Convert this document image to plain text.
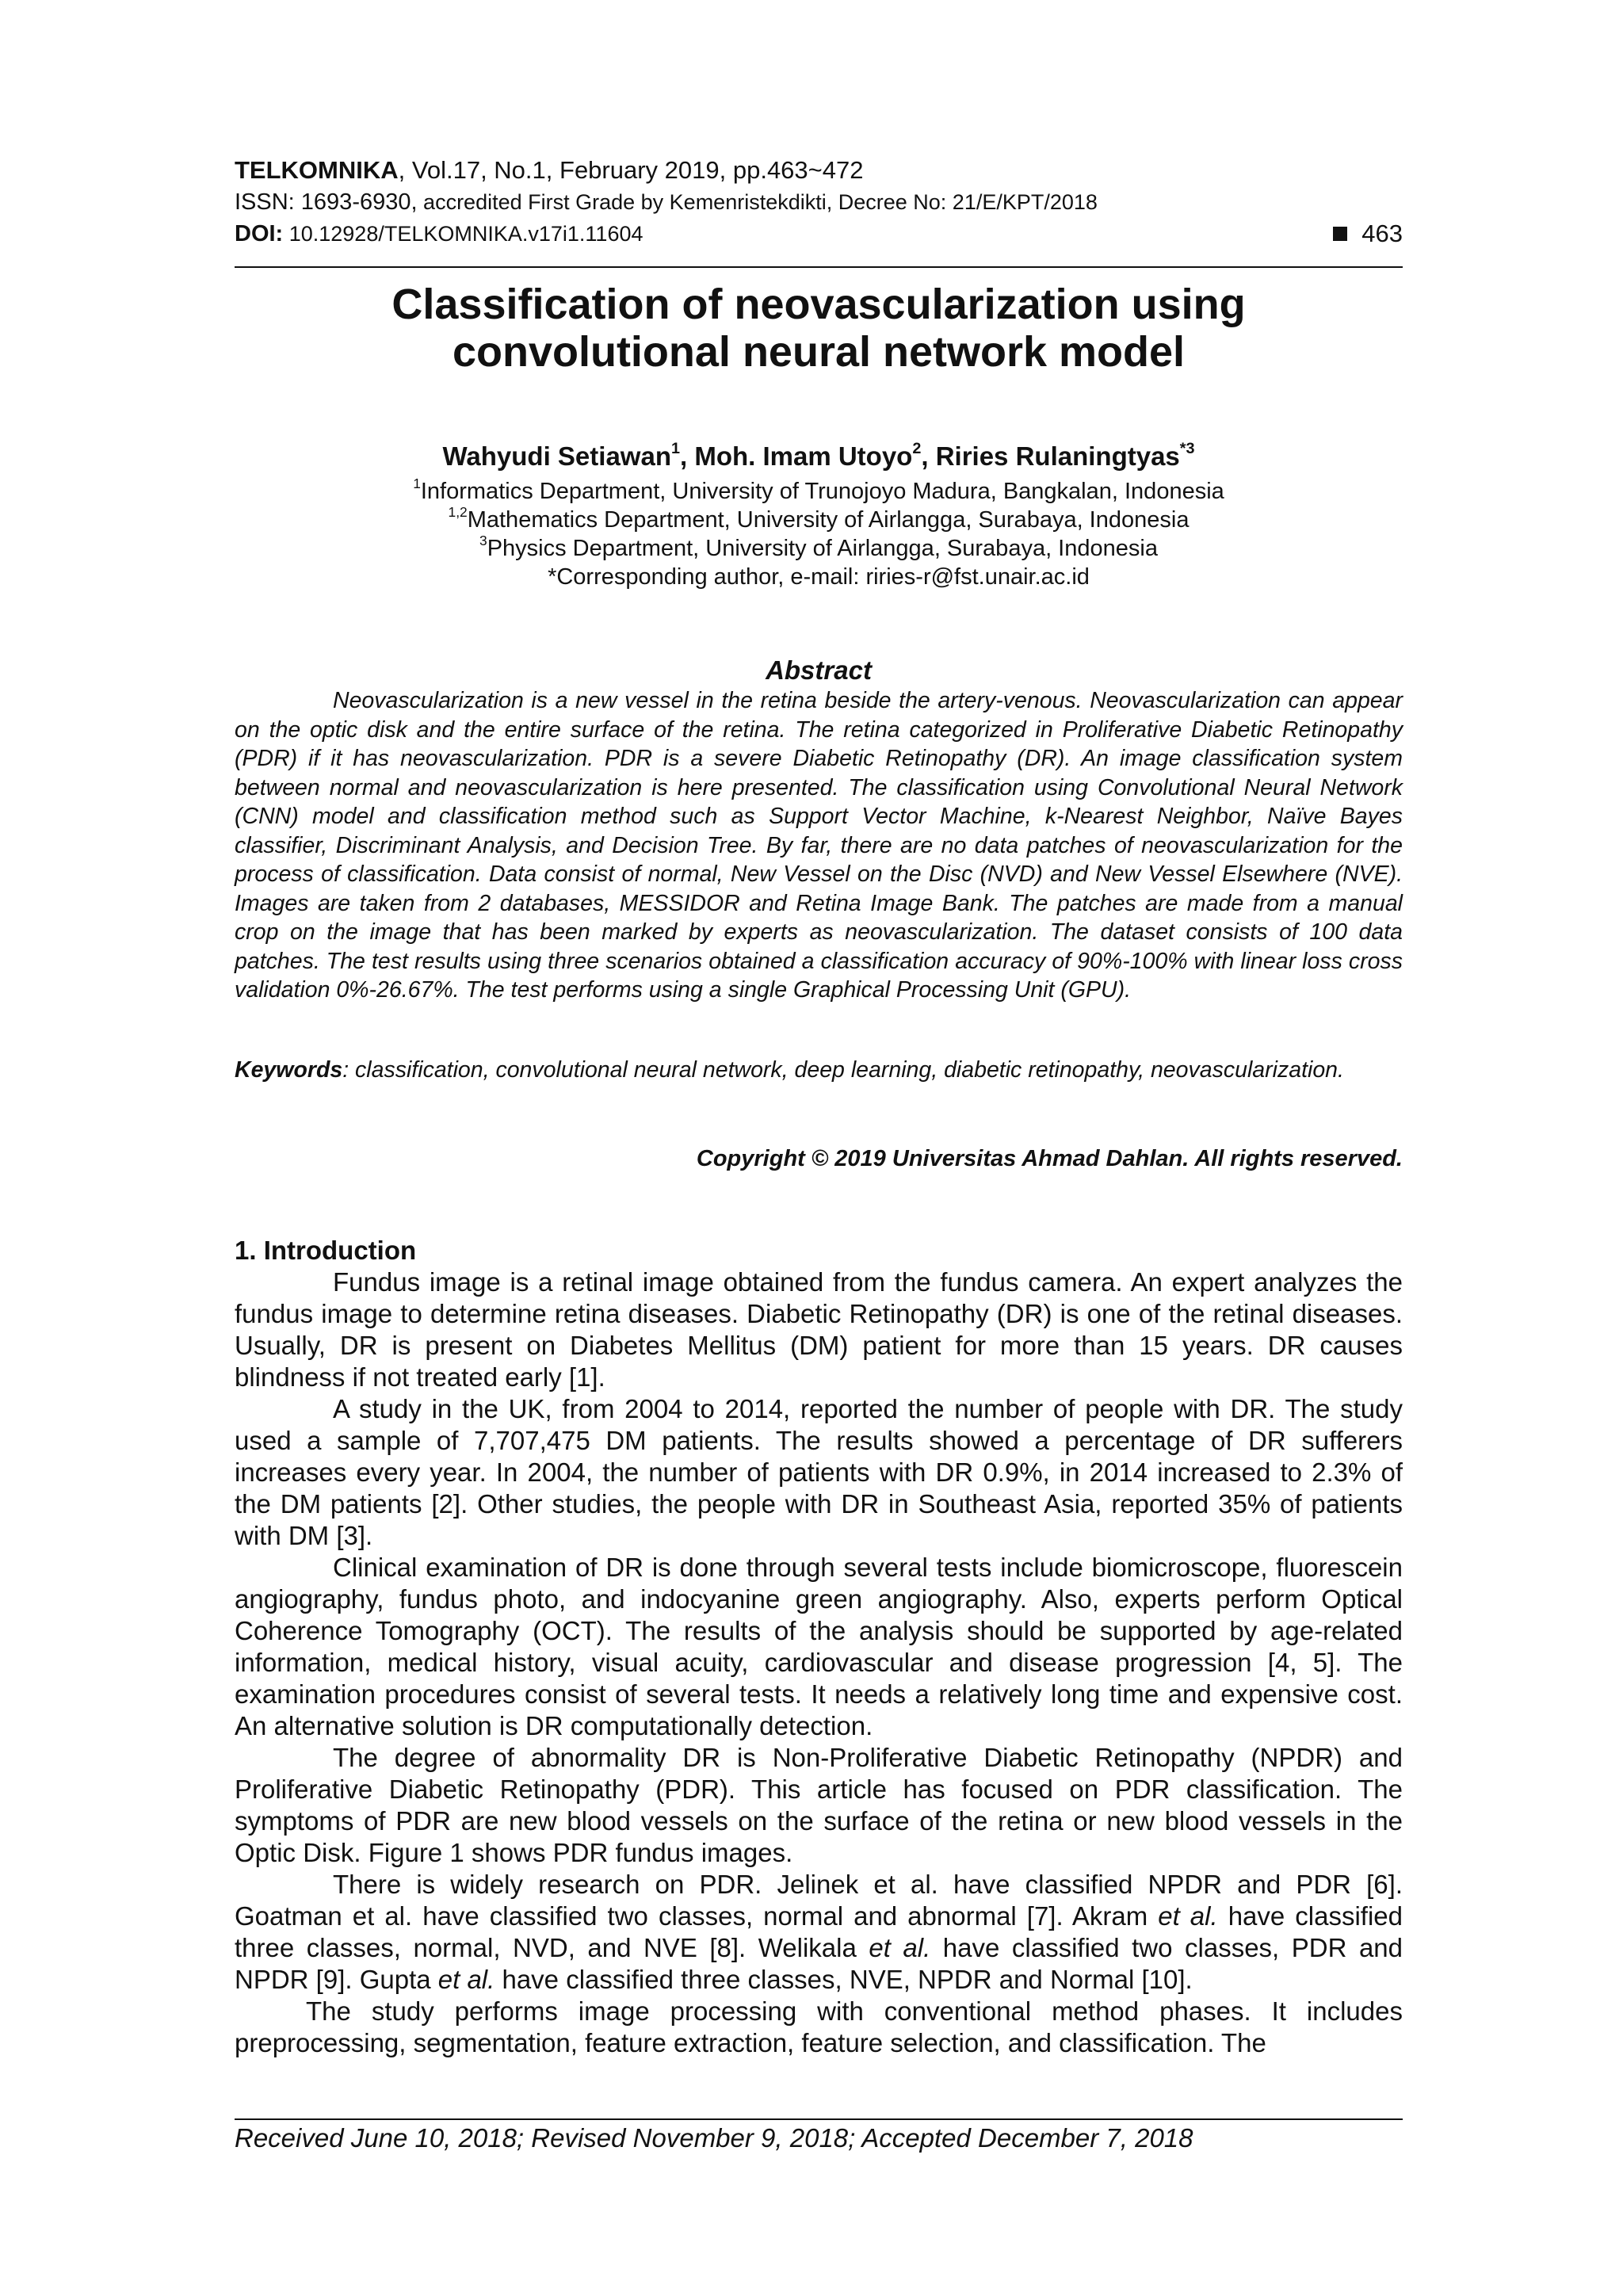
TELKOMNIKA, Vol.17, No.1, February 2019, pp.463~472
ISSN: 1693-6930, accredited First Grade by Kemenristekdikti, Decree No: 21/E/KPT/2018
DOI: 10.12928/TELKOMNIKA.v17i1.11604	463
Classification of neovascularization using
convolutional neural network model
Wahyudi Setiawan$^1$, Moh. Imam Utoyo$^2$, Riries Rulaningtyas$^{*3}$
$^1$Informatics Department, University of Trunojoyo Madura, Bangkalan, Indonesia
$^{1,2}$Mathematics Department, University of Airlangga, Surabaya, Indonesia
$^3$Physics Department, University of Airlangga, Surabaya, Indonesia
*Corresponding author, e-mail: riries-r@fst.unair.ac.id
Abstract
Neovascularization is a new vessel in the retina beside the artery-venous. Neovascularization can appear on the optic disk and the entire surface of the retina. The retina categorized in Proliferative Diabetic Retinopathy (PDR) if it has neovascularization. PDR is a severe Diabetic Retinopathy (DR). An image classification system between normal and neovascularization is here presented. The classification using Convolutional Neural Network (CNN) model and classification method such as Support Vector Machine, k-Nearest Neighbor, Naïve Bayes classifier, Discriminant Analysis, and Decision Tree. By far, there are no data patches of neovascularization for the process of classification. Data consist of normal, New Vessel on the Disc (NVD) and New Vessel Elsewhere (NVE). Images are taken from 2 databases, MESSIDOR and Retina Image Bank. The patches are made from a manual crop on the image that has been marked by experts as neovascularization. The dataset consists of 100 data patches. The test results using three scenarios obtained a classification accuracy of 90%-100% with linear loss cross validation 0%-26.67%. The test performs using a single Graphical Processing Unit (GPU).
Keywords: classification, convolutional neural network, deep learning, diabetic retinopathy, neovascularization.
Copyright © 2019 Universitas Ahmad Dahlan. All rights reserved.
1. Introduction

Fundus image is a retinal image obtained from the fundus camera. An expert analyzes the fundus image to determine retina diseases. Diabetic Retinopathy (DR) is one of the retinal diseases. Usually, DR is present on Diabetes Mellitus (DM) patient for more than 15 years. DR causes blindness if not treated early [1].

A study in the UK, from 2004 to 2014, reported the number of people with DR. The study used a sample of 7,707,475 DM patients. The results showed a percentage of DR sufferers increases every year. In 2004, the number of patients with DR 0.9%, in 2014 increased to 2.3% of the DM patients [2]. Other studies, the people with DR in Southeast Asia, reported 35% of patients with DM [3].

Clinical examination of DR is done through several tests include biomicroscope, fluorescein angiography, fundus photo, and indocyanine green angiography. Also, experts perform Optical Coherence Tomography (OCT). The results of the analysis should be supported by age-related information, medical history, visual acuity, cardiovascular and disease progression [4, 5]. The examination procedures consist of several tests. It needs a relatively long time and expensive cost. An alternative solution is DR computationally detection.

The degree of abnormality DR is Non-Proliferative Diabetic Retinopathy (NPDR) and Proliferative Diabetic Retinopathy (PDR). This article has focused on PDR classification. The symptoms of PDR are new blood vessels on the surface of the retina or new blood vessels in the Optic Disk. Figure 1 shows PDR fundus images.

There is widely research on PDR. Jelinek et al. have classified NPDR and PDR [6]. Goatman et al. have classified two classes, normal and abnormal [7]. Akram et al. have classified three classes, normal, NVD, and NVE [8]. Welikala et al. have classified two classes, PDR and NPDR [9]. Gupta et al. have classified three classes, NVE, NPDR and Normal [10].

The study performs image processing with conventional method phases. It includes preprocessing, segmentation, feature extraction, feature selection, and classification. The

Received June 10, 2018; Revised November 9, 2018; Accepted December 7, 2018
